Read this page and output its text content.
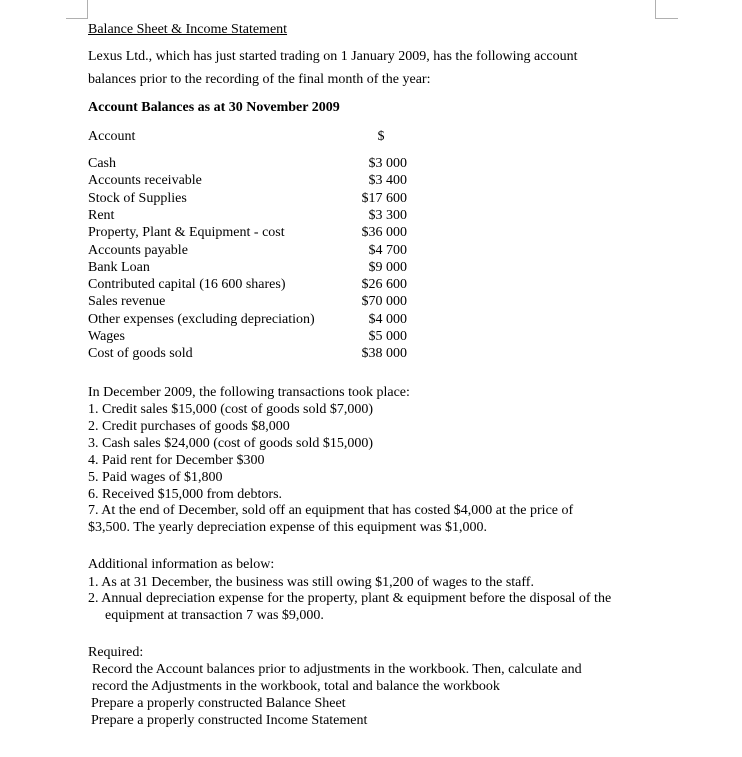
Balance Sheet & Income Statement
Lexus Ltd., which has just started trading on 1 January 2009, has the following account
balances prior to the recording of the final month of the year:
Account Balances as at 30 November 2009
Account	$
Cash	$3 000
Accounts receivable	$3 400
Stock of Supplies	$17 600
Rent	$3 300
Property, Plant & Equipment - cost	$36 000
Accounts payable	$4 700
Bank Loan	$9 000
Contributed capital (16 600 shares)	$26 600
Sales revenue	$70 000
Other expenses (excluding depreciation)	$4 000
Wages	$5 000
Cost of goods sold	$38 000
In December 2009, the following transactions took place:
1. Credit sales $15,000 (cost of goods sold $7,000)
2. Credit purchases of goods $8,000
3. Cash sales $24,000 (cost of goods sold $15,000)
4. Paid rent for December $300
5. Paid wages of $1,800
6. Received $15,000 from debtors.
7. At the end of December, sold off an equipment that has costed $4,000 at the price of
$3,500. The yearly depreciation expense of this equipment was $1,000.
Additional information as below:
1. As at 31 December, the business was still owing $1,200 of wages to the staff.
2. Annual depreciation expense for the property, plant & equipment before the disposal of the
equipment at transaction 7 was $9,000.
Required:
Record the Account balances prior to adjustments in the workbook. Then, calculate and
record the Adjustments in the workbook, total and balance the workbook
Prepare a properly constructed Balance Sheet
Prepare a properly constructed Income Statement
